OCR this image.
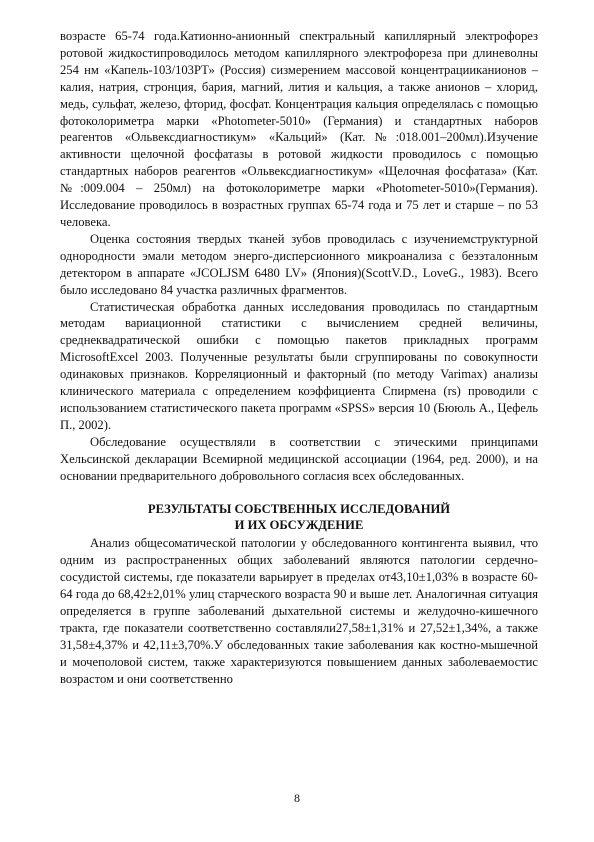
возрасте 65-74 года.Катионно-анионный спектральный капиллярный электрофорез ротовой жидкостипроводилось методом капиллярного электрофореза при длиневолны 254 нм «Капель-103/103РТ» (Россия) сизмерением массовой концентрацииканионов – калия, натрия, стронция, бария, магний, лития и кальция, а также анионов – хлорид, медь, сульфат, железо, фторид, фосфат. Концентрация кальция определялась с помощью фотоколориметра марки «Photometer-5010» (Германия) и стандартных наборов реагентов «Ольвексдиагностикум» «Кальций» (Кат.№:018.001–200мл).Изучение активности щелочной фосфатазы в ротовой жидкости проводилось с помощью стандартных наборов реагентов «Ольвексдиагностикум» «Щелочная фосфатаза» (Кат.№:009.004 – 250мл) на фотоколориметре марки «Photometer-5010»(Германия). Исследование проводилось в возрастных группах 65-74 года и 75 лет и старше – по 53 человека.

Оценка состояния твердых тканей зубов проводилась с изучениемструктурной однородности эмали методом энерго-дисперсионного микроанализа с безэталонным детектором в аппарате «JCOLJSM 6480 LV» (Япония)(ScottV.D., LoveG., 1983). Всего было исследовано 84 участка различных фрагментов.

Статистическая обработка данных исследования проводилась по стандартным методам вариационной статистики с вычислением средней величины, среднеквадратической ошибки с помощью пакетов прикладных программ MicrosoftExcel 2003. Полученные результаты были сгруппированы по совокупности одинаковых признаков. Корреляционный и факторный (по методу Varimax) анализы клинического материала с определением коэффициента Спирмена (rs) проводили с использованием статистического пакета программ «SPSS» версия 10 (Бююль А., Цефель П., 2002).

Обследование осуществляли в соответствии с этическими принципами Хельсинской декларации Всемирной медицинской ассоциации (1964, ред. 2000), и на основании предварительного добровольного согласия всех обследованных.

РЕЗУЛЬТАТЫ СОБСТВЕННЫХ ИССЛЕДОВАНИЙ
И ИХ ОБСУЖДЕНИЕ

Анализ общесоматической патологии у обследованного контингента выявил, что одним из распространенных общих заболеваний являются патологии сердечно-сосудистой системы, где показатели варьирует в пределах от43,10±1,03% в возрасте 60-64 года до 68,42±2,01% улиц старческого возраста 90 и выше лет. Аналогичная ситуация определяется в группе заболеваний дыхательной системы и желудочно-кишечного тракта, где показатели соответственно составляли27,58±1,31% и 27,52±1,34%, а также 31,58±4,37% и 42,11±3,70%.У обследованных такие заболевания как костно-мышечной и мочеполовой систем, также характеризуются повышением данных заболеваемостис возрастом и они соответственно

8
